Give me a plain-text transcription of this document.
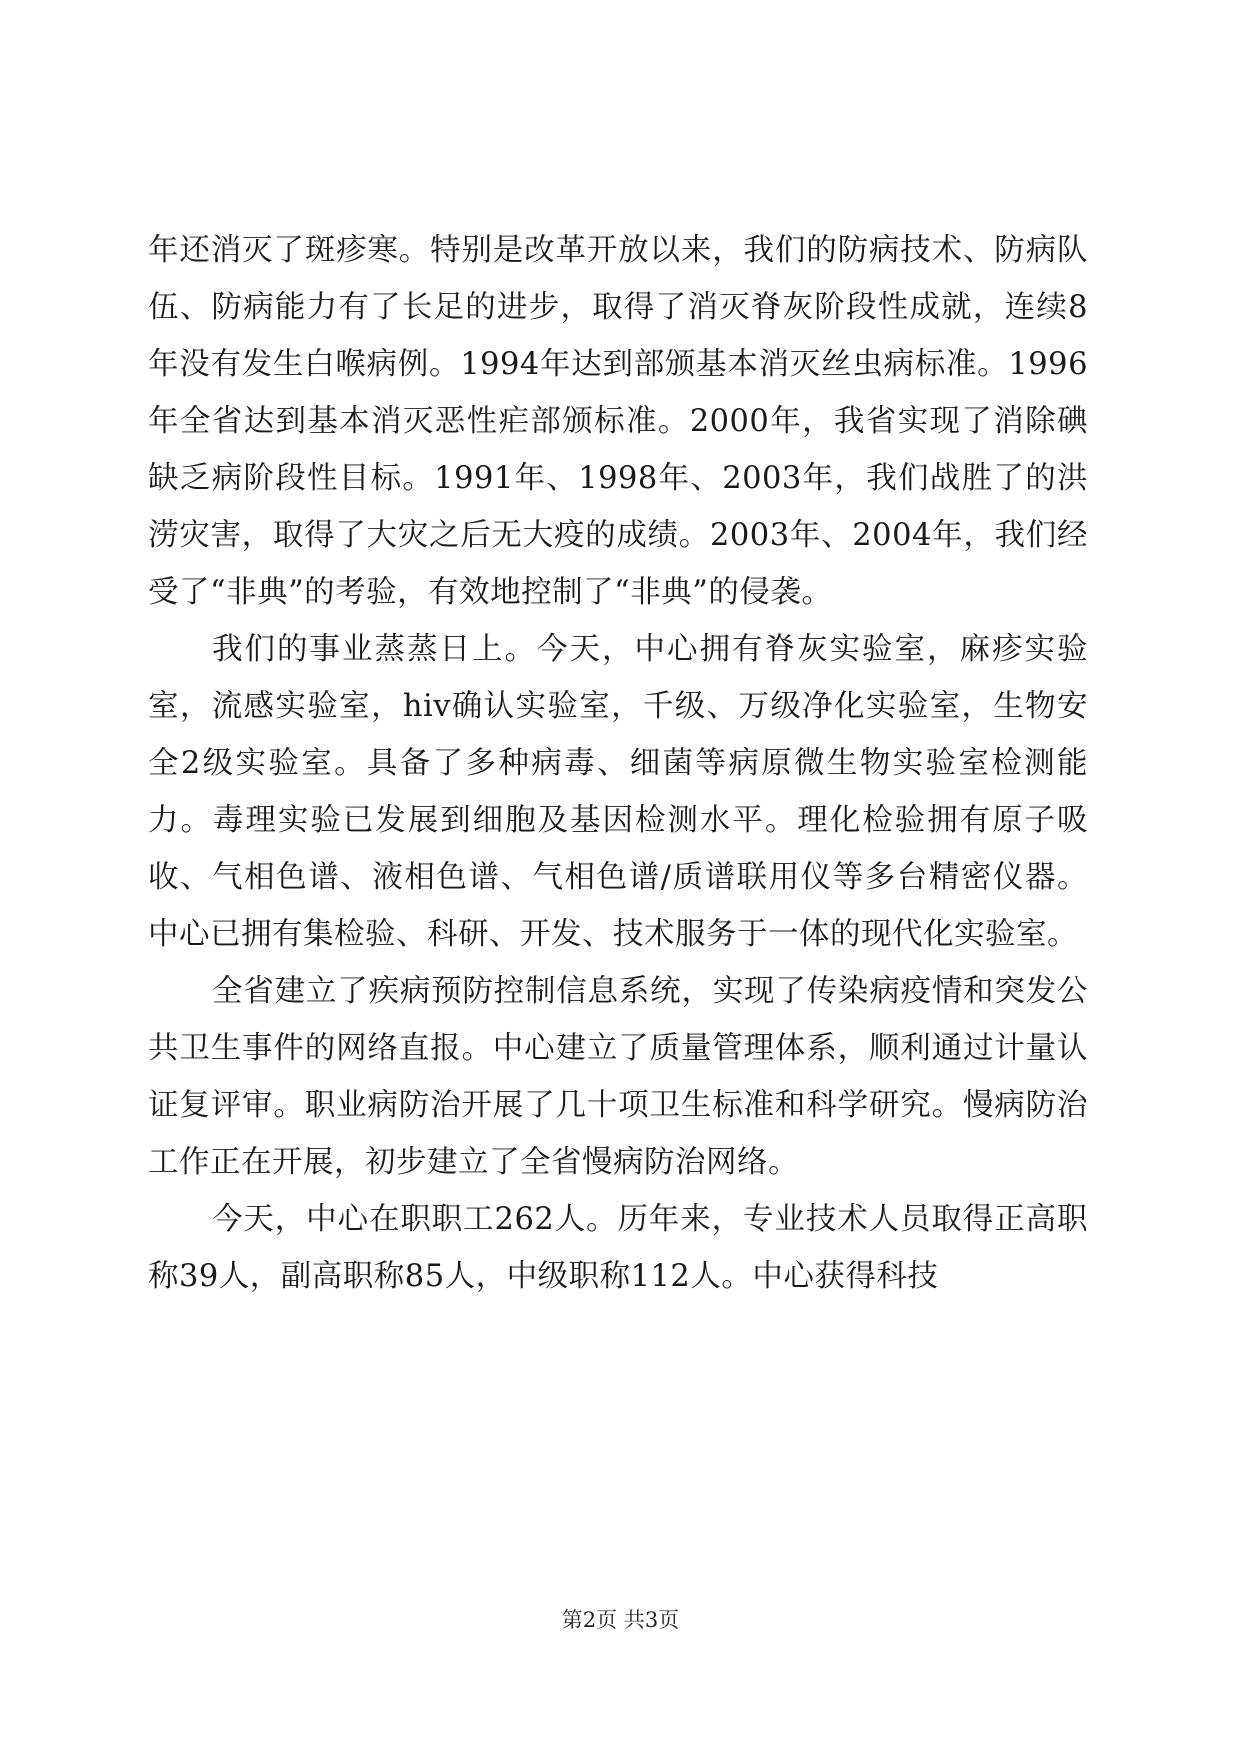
年还消灭了斑疹寒。特别是改革开放以来，我们的防病技术、防病队伍、防病能力有了长足的进步，取得了消灭脊灰阶段性成就，连续8年没有发生白喉病例。1994年达到部颁基本消灭丝虫病标准。1996年全省达到基本消灭恶性疟部颁标准。2000年，我省实现了消除碘缺乏病阶段性目标。1991年、1998年、2003年，我们战胜了的洪涝灾害，取得了大灾之后无大疫的成绩。2003年、2004年，我们经受了“非典”的考验，有效地控制了“非典”的侵袭。

我们的事业蒸蒸日上。今天，中心拥有脊灰实验室，麻疹实验室，流感实验室，hiv确认实验室，千级、万级净化实验室，生物安全2级实验室。具备了多种病毒、细菌等病原微生物实验室检测能力。毒理实验已发展到细胞及基因检测水平。理化检验拥有原子吸收、气相色谱、液相色谱、气相色谱/质谱联用仪等多台精密仪器。中心已拥有集检验、科研、开发、技术服务于一体的现代化实验室。

全省建立了疾病预防控制信息系统，实现了传染病疫情和突发公共卫生事件的网络直报。中心建立了质量管理体系，顺利通过计量认证复评审。职业病防治开展了几十项卫生标准和科学研究。慢病防治工作正在开展，初步建立了全省慢病防治网络。

今天，中心在职职工262人。历年来，专业技术人员取得正高职称39人，副高职称85人，中级职称112人。中心获得科技

第2页 共3页
